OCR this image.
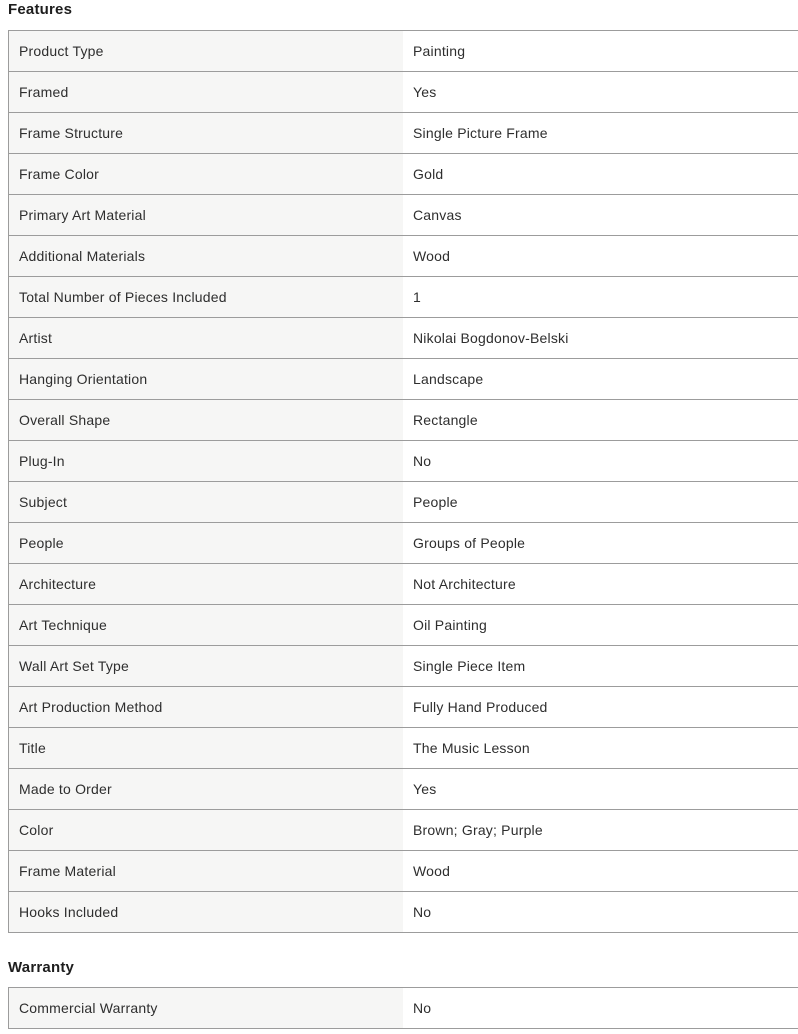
Features
Product Type	Painting
Framed	Yes
Frame Structure	Single Picture Frame
Frame Color	Gold
Primary Art Material	Canvas
Additional Materials	Wood
Total Number of Pieces Included	1
Artist	Nikolai Bogdonov-Belski
Hanging Orientation	Landscape
Overall Shape	Rectangle
Plug-In	No
Subject	People
People	Groups of People
Architecture	Not Architecture
Art Technique	Oil Painting
Wall Art Set Type	Single Piece Item
Art Production Method	Fully Hand Produced
Title	The Music Lesson
Made to Order	Yes
Color	Brown; Gray; Purple
Frame Material	Wood
Hooks Included	No
Warranty
Commercial Warranty	No
